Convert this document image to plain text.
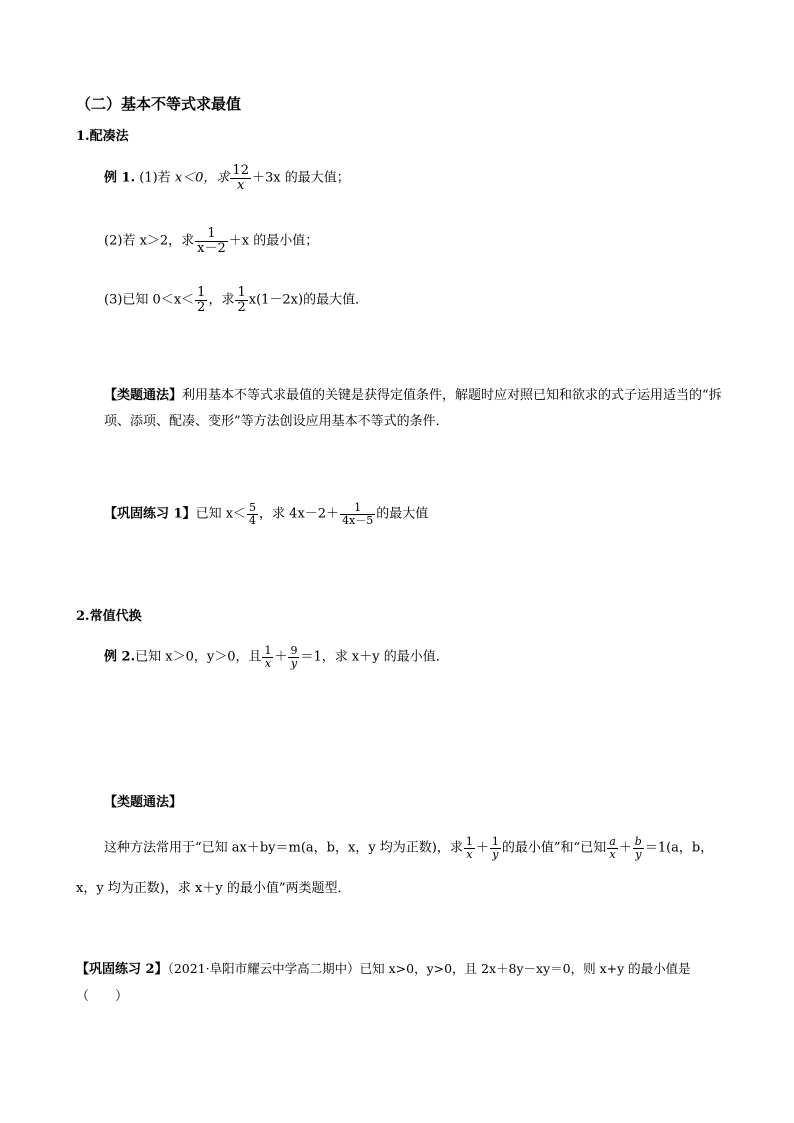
（二）基本不等式求最值
1.配凑法
例 1. (1)若 x＜0，求 $\frac{12}{x} +3x$ 的最大值；
(2)若 x＞2，求 $\frac{1}{x-2} +x$ 的最小值；
(3)已知 $0<x< \frac{1}{2}$ ，求 $\frac{1}{2} x(1-2x)$的最大值．
【类题通法】利用基本不等式求最值的关键是获得定值条件，解题时应对照已知和欲求的式子运用适当的“拆项、添项、配凑、变形”等方法创设应用基本不等式的条件．
【巩固练习 1】已知 $x< \frac{5}{4}$ ，求 $4x-2+ \frac{1}{4x-5}$ 的最大值
2.常值代换
例 2.已知 x＞0，y＞0，且 $\frac{1}{x} + \frac{9}{y} =1$，求 x＋y 的最小值．
【类题通法】
这种方法常用于“已知 ax＋by＝m(a，b，x，y 均为正数)，求 $\frac{1}{x} + \frac{1}{y}$ 的最小值”和“已知 $\frac{a}{x} + \frac{b}{y} =1(a$，b，
x，y 均为正数)，求 x＋y 的最小值”两类题型．
【巩固练习 2】（2021·阜阳市耀云中学高二期中）已知 x>0，y>0，且 2x＋8y－xy＝0，则 x+y 的最小值是
（　　）
